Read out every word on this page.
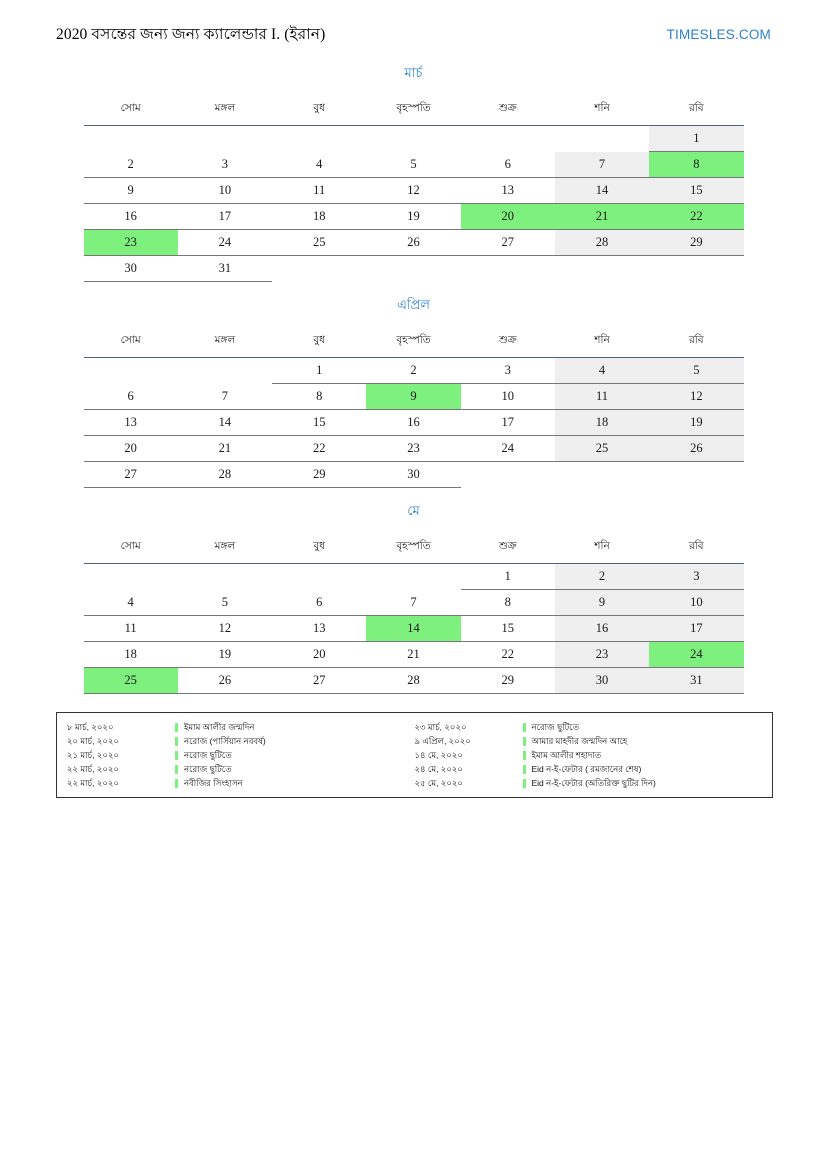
2020 বসন্তের জন্য জন্য ক্যালেন্ডার I. (ইরান)	TIMESLES.COM
মার্চ
সোম	মঙ্গল	বুধ	বৃহস্পতি	শুক্র	শনি	রবি
						1
2	3	4	5	6	7	8
9	10	11	12	13	14	15
16	17	18	19	20	21	22
23	24	25	26	27	28	29
30	31					
এপ্রিল
সোম	মঙ্গল	বুধ	বৃহস্পতি	শুক্র	শনি	রবি
		1	2	3	4	5
6	7	8	9	10	11	12
13	14	15	16	17	18	19
20	21	22	23	24	25	26
27	28	29	30			
মে
সোম	মঙ্গল	বুধ	বৃহস্পতি	শুক্র	শনি	রবি
				1	2	3
4	5	6	7	8	9	10
11	12	13	14	15	16	17
18	19	20	21	22	23	24
25	26	27	28	29	30	31
৮ মার্চ, ২০২০	ইমাম আলীর জন্মদিন
২০ মার্চ, ২০২০	নরোজ (পার্সিয়ান নববর্ষ)
২১ মার্চ, ২০২০	নরোজ ছুটিতে
২২ মার্চ, ২০২০	নরোজ ছুটিতে
২২ মার্চ, ২০২০	নবীজির সিংহাসন
২৩ মার্চ, ২০২০	নরোজ ছুটিতে
৯ এপ্রিল, ২০২০	আমার মাহদীর জন্মদিন আহে
১৪ মে, ২০২০	ইমাম আলীর শহাদাত
২৪ মে, ২০২০	Eid ন-ই-ফেটার ( রমজানের শেষ)
২৫ মে, ২০২০	Eid ন-ই-ফেটার (অতিরিক্ত ছুটির দিন)
